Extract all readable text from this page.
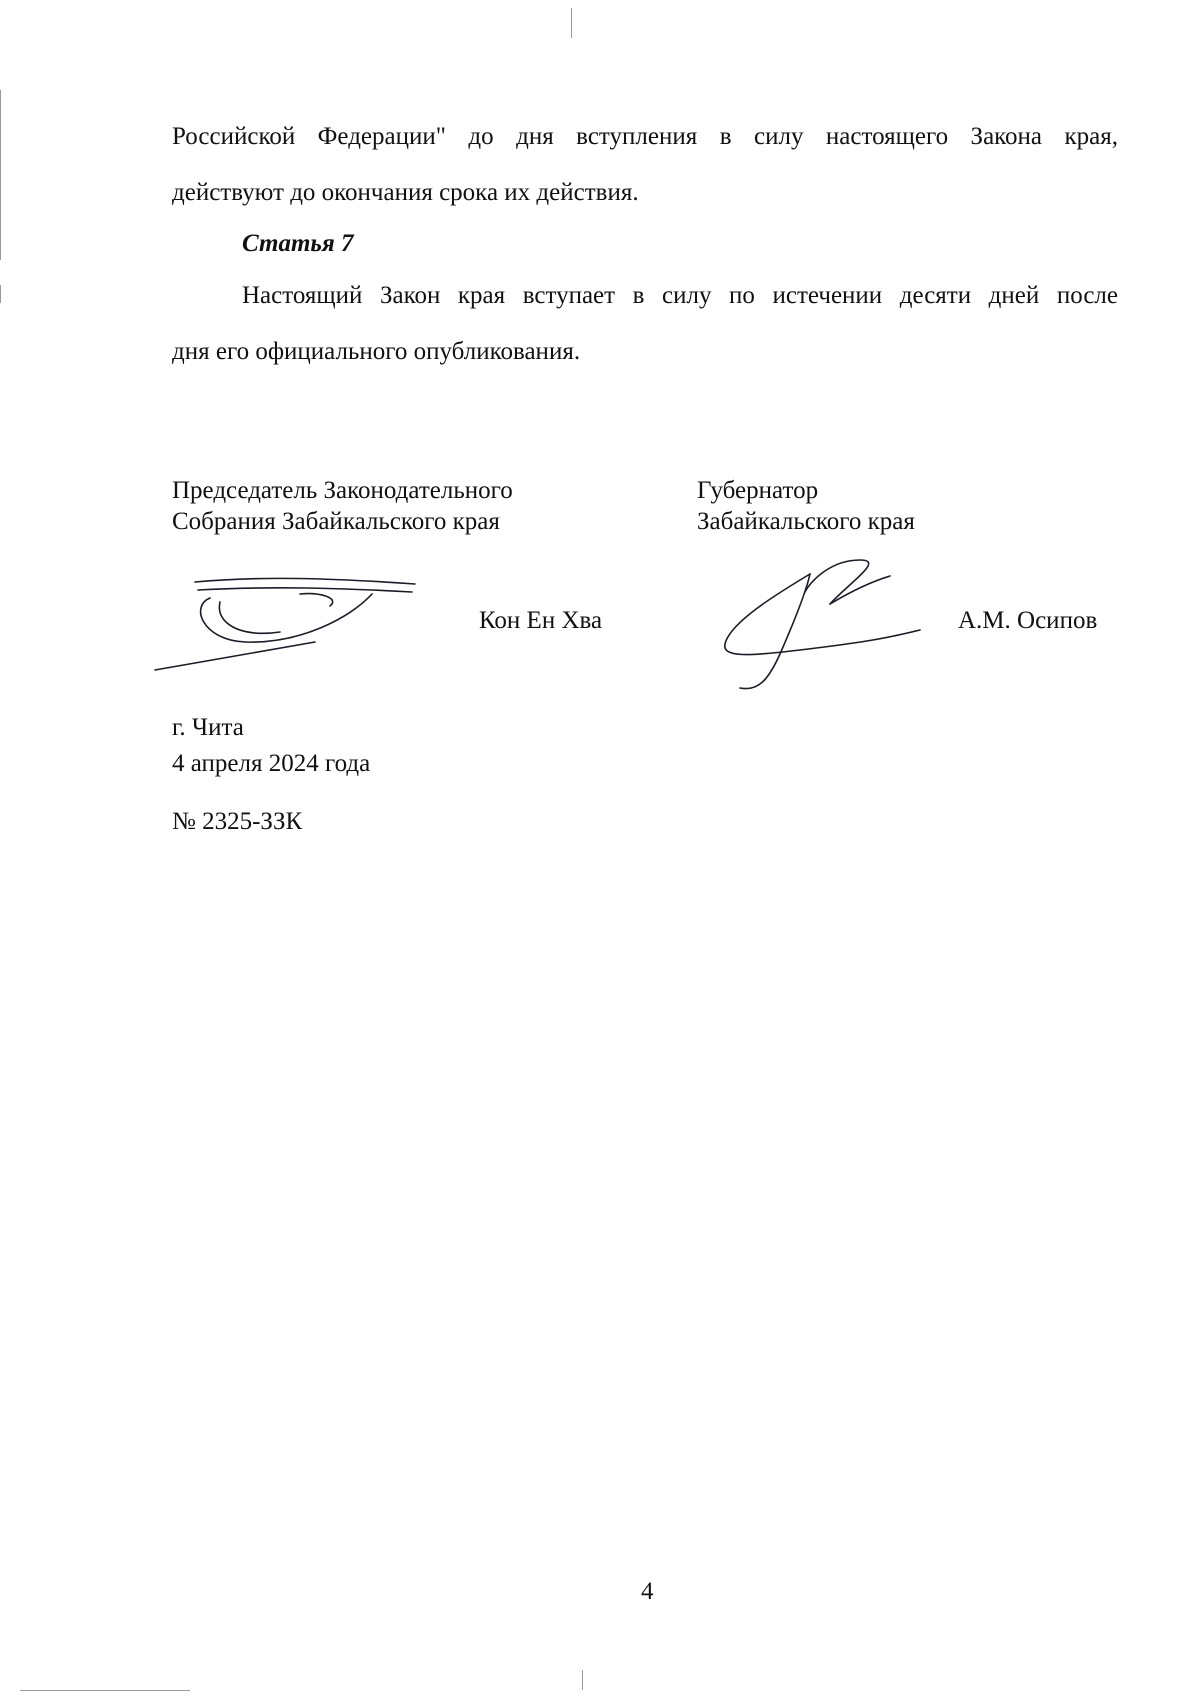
Российской Федерации" до дня вступления в силу настоящего Закона края,
действуют до окончания срока их действия.
Статья 7
Настоящий Закон края вступает в силу по истечении десяти дней после
дня его официального опубликования.
Председатель Законодательного
Собрания Забайкальского края
Губернатор
Забайкальского края
Кон Ен Хва	А.М. Осипов
г. Чита
4 апреля 2024 года
№ 2325-ЗЗК
4
